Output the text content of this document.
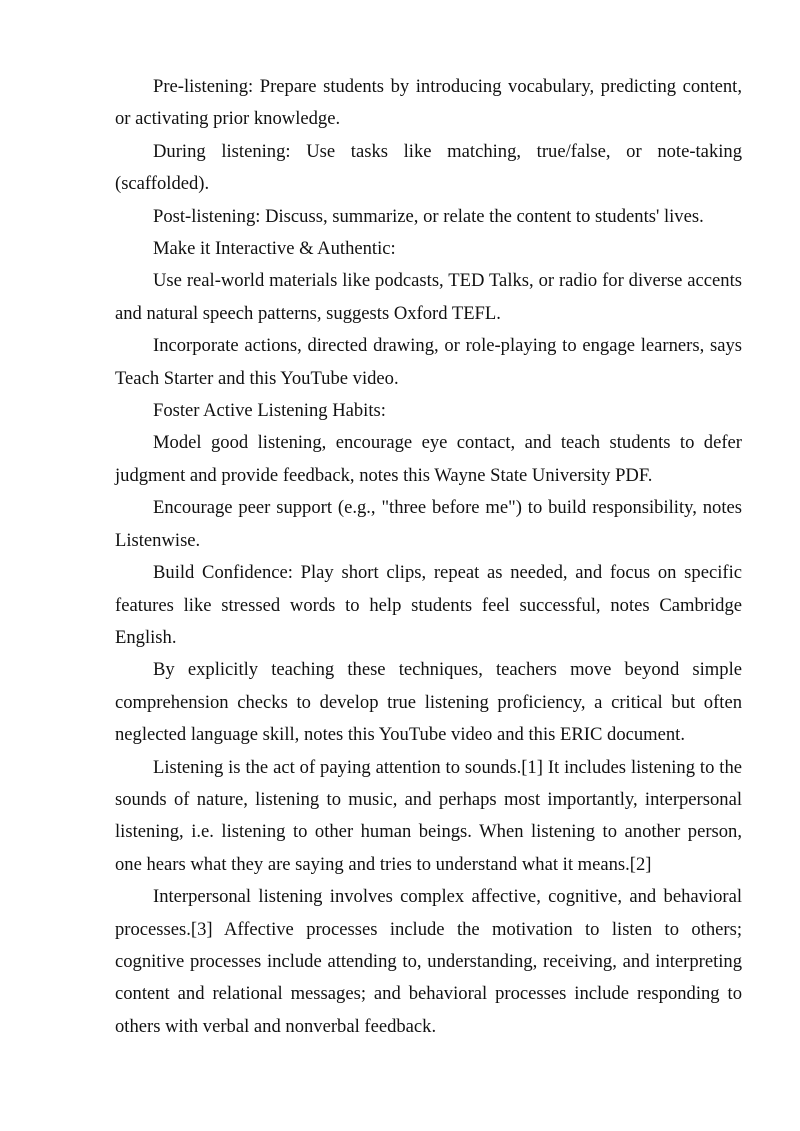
Pre-listening: Prepare students by introducing vocabulary, predicting content, or activating prior knowledge.

During listening: Use tasks like matching, true/false, or note-taking (scaffolded).

Post-listening: Discuss, summarize, or relate the content to students' lives.

Make it Interactive & Authentic:

Use real-world materials like podcasts, TED Talks, or radio for diverse accents and natural speech patterns, suggests Oxford TEFL.

Incorporate actions, directed drawing, or role-playing to engage learners, says Teach Starter and this YouTube video.

Foster Active Listening Habits:

Model good listening, encourage eye contact, and teach students to defer judgment and provide feedback, notes this Wayne State University PDF.

Encourage peer support (e.g., "three before me") to build responsibility, notes Listenwise.

Build Confidence: Play short clips, repeat as needed, and focus on specific features like stressed words to help students feel successful, notes Cambridge English.

By explicitly teaching these techniques, teachers move beyond simple comprehension checks to develop true listening proficiency, a critical but often neglected language skill, notes this YouTube video and this ERIC document.

Listening is the act of paying attention to sounds.[1] It includes listening to the sounds of nature, listening to music, and perhaps most importantly, interpersonal listening, i.e. listening to other human beings. When listening to another person, one hears what they are saying and tries to understand what it means.[2]

Interpersonal listening involves complex affective, cognitive, and behavioral processes.[3] Affective processes include the motivation to listen to others; cognitive processes include attending to, understanding, receiving, and interpreting content and relational messages; and behavioral processes include responding to others with verbal and nonverbal feedback.
